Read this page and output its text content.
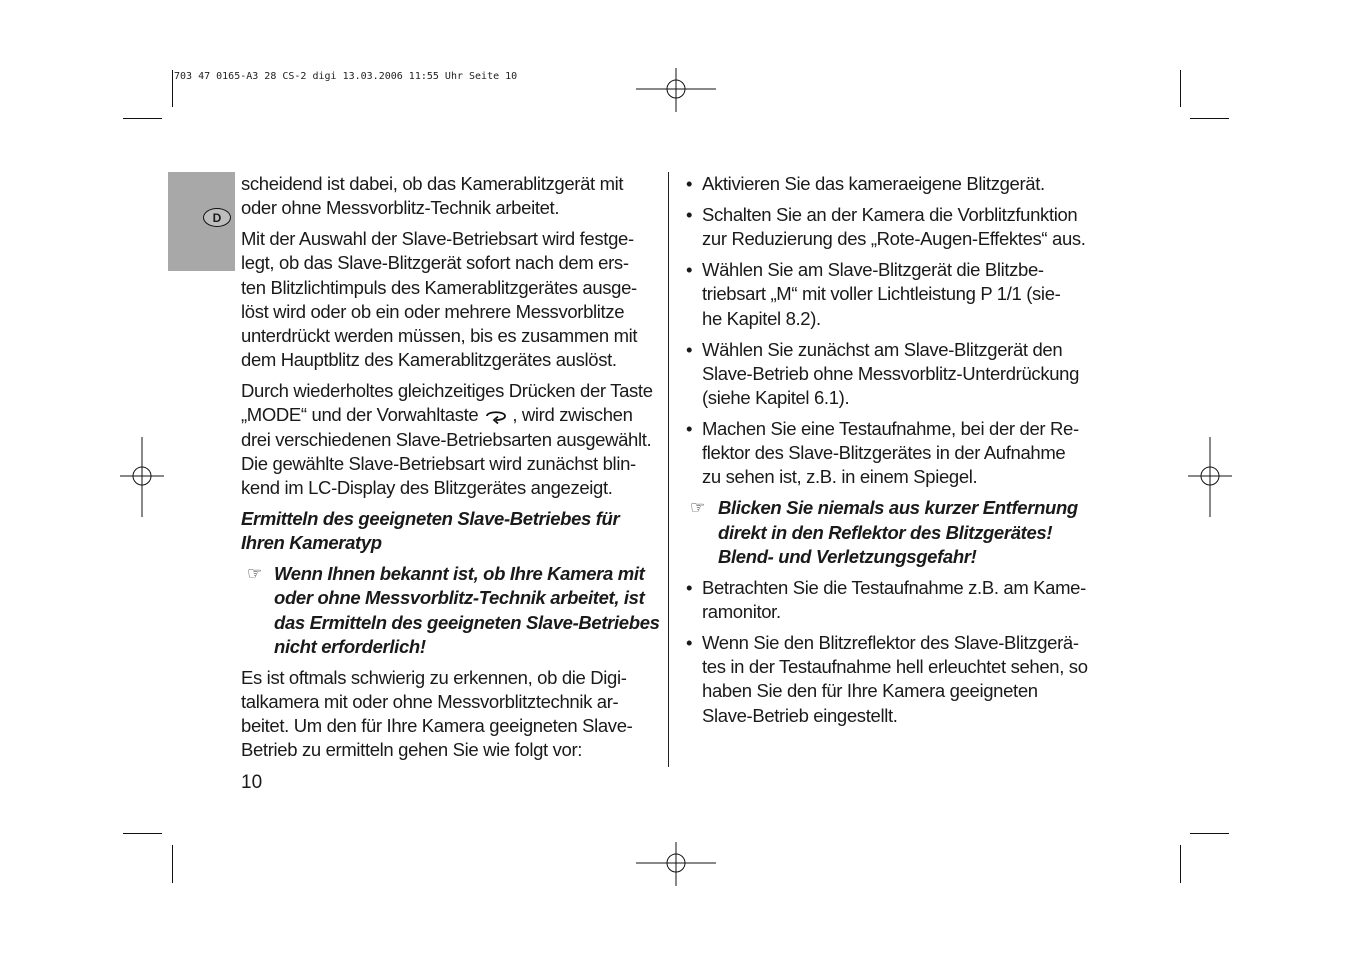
703 47 0165-A3 28 CS-2 digi 13.03.2006 11:55 Uhr Seite 10
D
scheidend ist dabei, ob das Kamerablitzgerät mit
oder ohne Messvorblitz-Technik arbeitet.
Mit der Auswahl der Slave-Betriebsart wird festge-
legt, ob das Slave-Blitzgerät sofort nach dem ers-
ten Blitzlichtimpuls des Kamerablitzgerätes ausge-
löst wird oder ob ein oder mehrere Messvorblitze
unterdrückt werden müssen, bis es zusammen mit
dem Hauptblitz des Kamerablitzgerätes auslöst.
Durch wiederholtes gleichzeitiges Drücken der Taste
„MODE“ und der Vorwahltaste , wird zwischen
drei verschiedenen Slave-Betriebsarten ausgewählt.
Die gewählte Slave-Betriebsart wird zunächst blin-
kend im LC-Display des Blitzgerätes angezeigt.
Ermitteln des geeigneten Slave-Betriebes für
Ihren Kameratyp
☞ Wenn Ihnen bekannt ist, ob Ihre Kamera mit
oder ohne Messvorblitz-Technik arbeitet, ist
das Ermitteln des geeigneten Slave-Betriebes
nicht erforderlich!
Es ist oftmals schwierig zu erkennen, ob die Digi-
talkamera mit oder ohne Messvorblitztechnik ar-
beitet. Um den für Ihre Kamera geeigneten Slave-
Betrieb zu ermitteln gehen Sie wie folgt vor:
• Aktivieren Sie das kameraeigene Blitzgerät.
• Schalten Sie an der Kamera die Vorblitzfunktion
zur Reduzierung des „Rote-Augen-Effektes“ aus.
• Wählen Sie am Slave-Blitzgerät die Blitzbe-
triebsart „M“ mit voller Lichtleistung P 1/1 (sie-
he Kapitel 8.2).
• Wählen Sie zunächst am Slave-Blitzgerät den
Slave-Betrieb ohne Messvorblitz-Unterdrückung
(siehe Kapitel 6.1).
• Machen Sie eine Testaufnahme, bei der der Re-
flektor des Slave-Blitzgerätes in der Aufnahme
zu sehen ist, z.B. in einem Spiegel.
☞ Blicken Sie niemals aus kurzer Entfernung
direkt in den Reflektor des Blitzgerätes!
Blend- und Verletzungsgefahr!
• Betrachten Sie die Testaufnahme z.B. am Kame-
ramonitor.
• Wenn Sie den Blitzreflektor des Slave-Blitzgerä-
tes in der Testaufnahme hell erleuchtet sehen, so
haben Sie den für Ihre Kamera geeigneten
Slave-Betrieb eingestellt.
10
